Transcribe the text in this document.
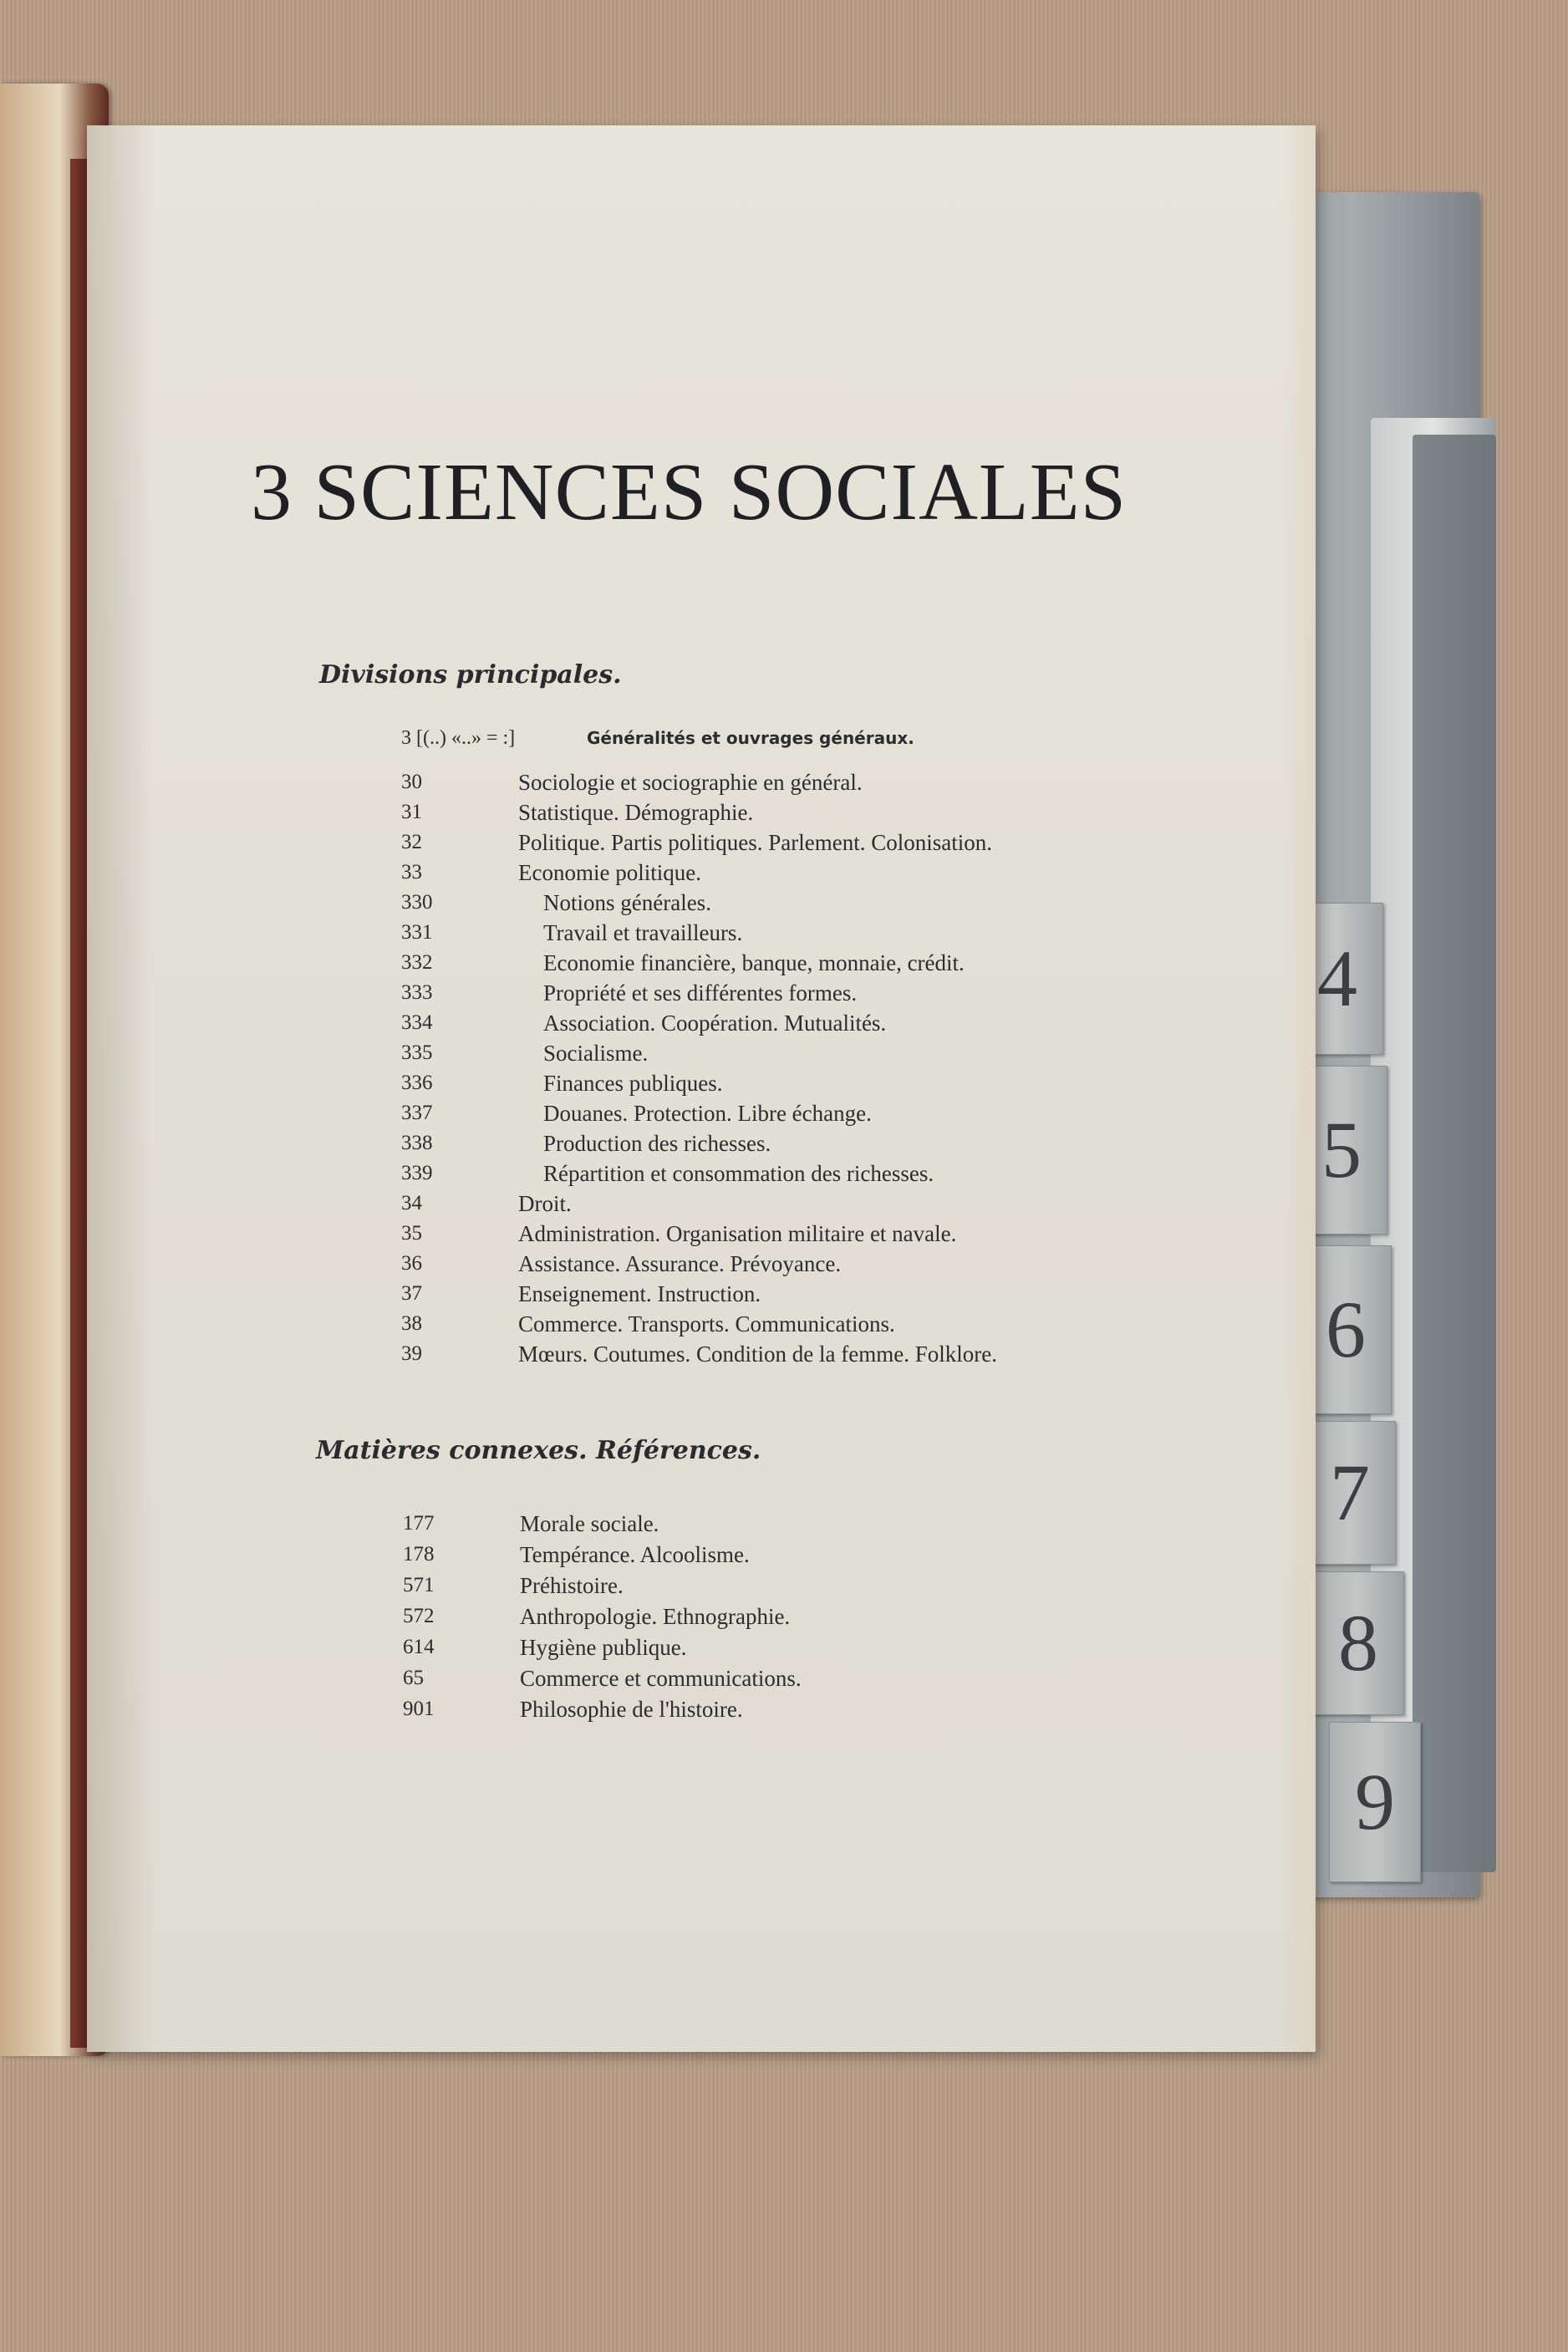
4
5
6
7
8
9
3 SCIENCES SOCIALES
Divisions principales.
3 [(..) «..» = :]	Généralités et ouvrages généraux.
30	Sociologie et sociographie en général.
31	Statistique. Démographie.
32	Politique. Partis politiques. Parlement. Colonisation.
33	Economie politique.
330	Notions générales.
331	Travail et travailleurs.
332	Economie financière, banque, monnaie, crédit.
333	Propriété et ses différentes formes.
334	Association. Coopération. Mutualités.
335	Socialisme.
336	Finances publiques.
337	Douanes. Protection. Libre échange.
338	Production des richesses.
339	Répartition et consommation des richesses.
34	Droit.
35	Administration. Organisation militaire et navale.
36	Assistance. Assurance. Prévoyance.
37	Enseignement. Instruction.
38	Commerce. Transports. Communications.
39	Mœurs. Coutumes. Condition de la femme. Folklore.
Matières connexes. Références.
177	Morale sociale.
178	Tempérance. Alcoolisme.
571	Préhistoire.
572	Anthropologie. Ethnographie.
614	Hygiène publique.
65	Commerce et communications.
901	Philosophie de l'histoire.
